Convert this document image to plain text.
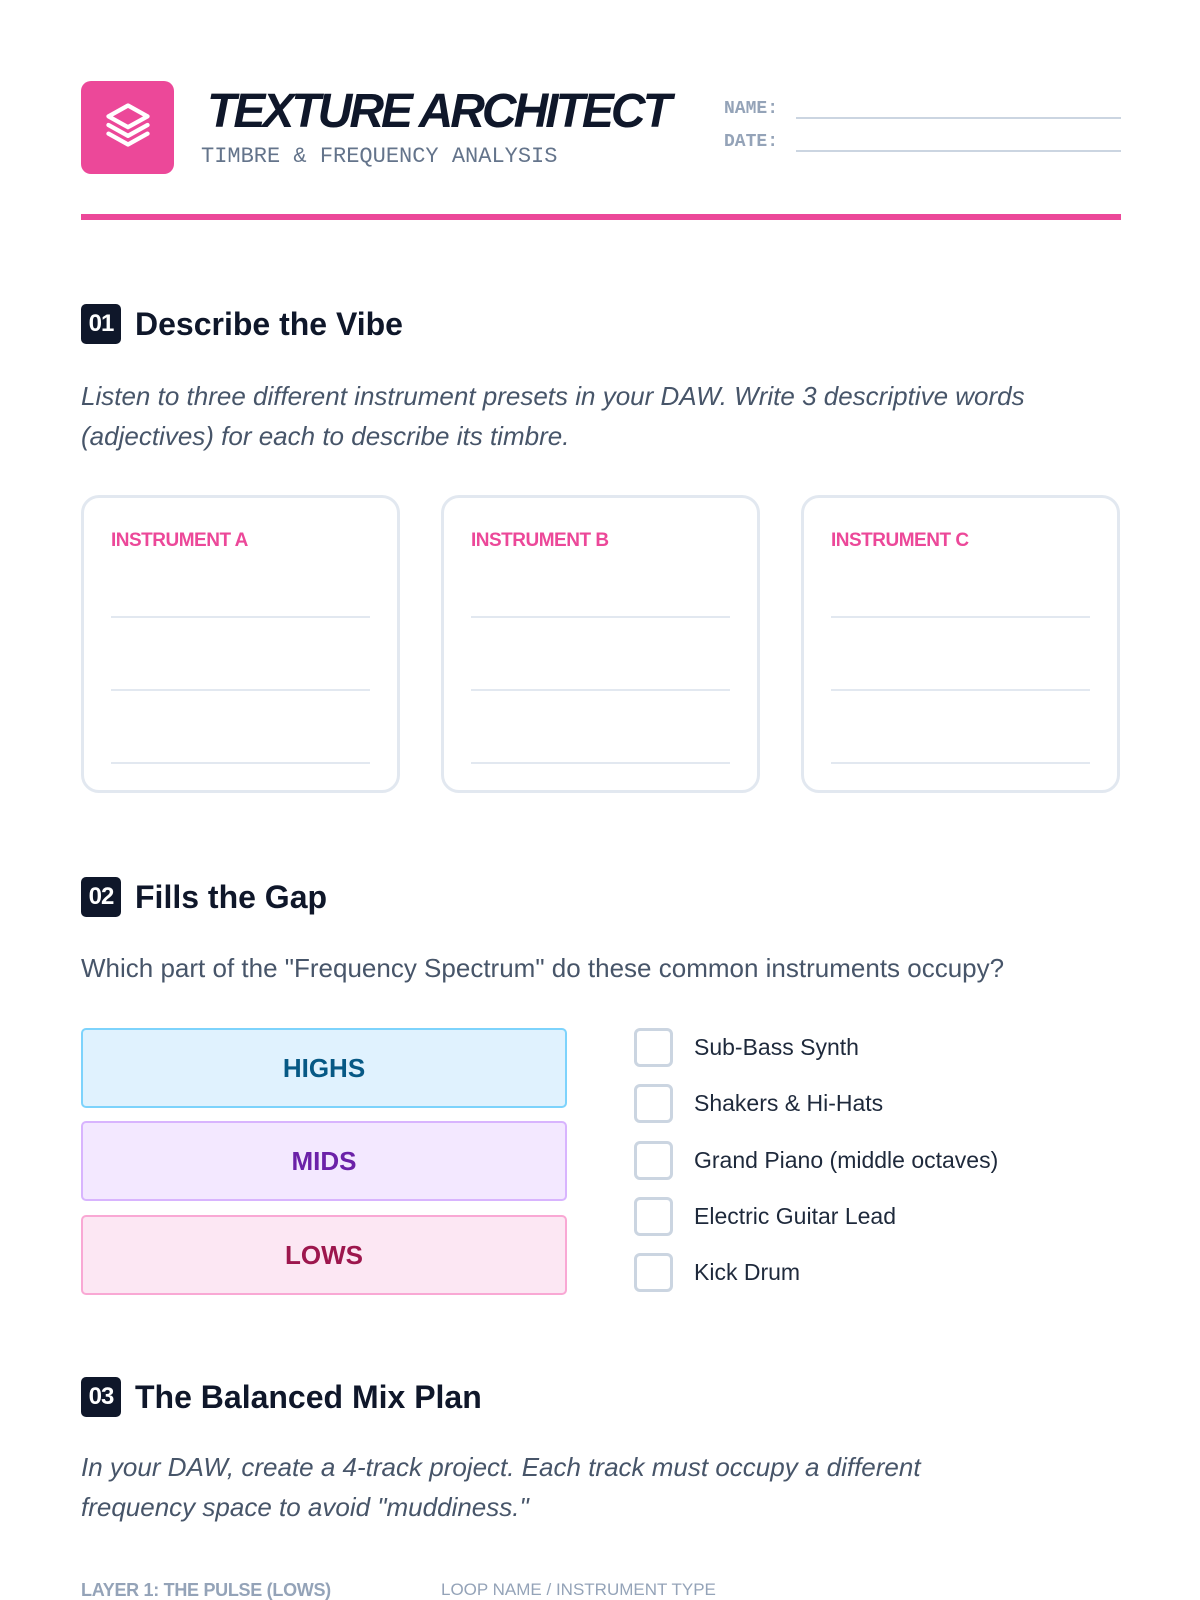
TEXTURE ARCHITECT
TIMBRE & FREQUENCY ANALYSIS
NAME:
DATE:
01 Describe the Vibe
Listen to three different instrument presets in your DAW. Write 3 descriptive words (adjectives) for each to describe its timbre.
INSTRUMENT A	INSTRUMENT B	INSTRUMENT C
02 Fills the Gap
Which part of the "Frequency Spectrum" do these common instruments occupy?
HIGHS
MIDS
LOWS
Sub-Bass Synth
Shakers & Hi-Hats
Grand Piano (middle octaves)
Electric Guitar Lead
Kick Drum
03 The Balanced Mix Plan
In your DAW, create a 4-track project. Each track must occupy a different frequency space to avoid "muddiness."
LAYER 1: THE PULSE (LOWS)	LOOP NAME / INSTRUMENT TYPE
